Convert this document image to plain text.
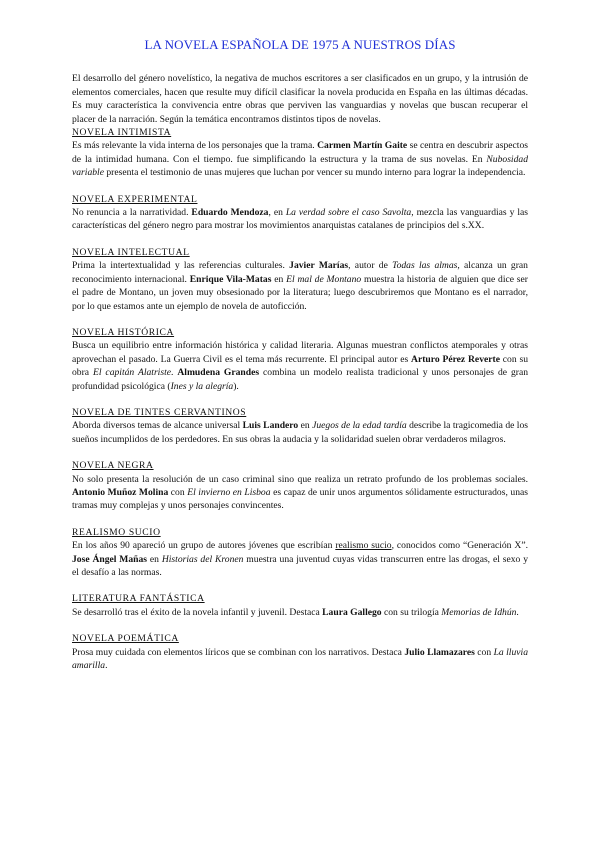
LA NOVELA ESPAÑOLA DE 1975 A NUESTROS DÍAS

El desarrollo del género novelístico, la negativa de muchos escritores a ser clasificados en un grupo, y la intrusión de elementos comerciales, hacen que resulte muy difícil clasificar la novela producida en España en las últimas décadas. Es muy característica la convivencia entre obras que perviven las vanguardias y novelas que buscan recuperar el placer de la narración. Según la temática encontramos distintos tipos de novelas.

NOVELA INTIMISTA

Es más relevante la vida interna de los personajes que la trama. Carmen Martín Gaite se centra en descubrir aspectos de la intimidad humana. Con el tiempo. fue simplificando la estructura y la trama de sus novelas. En Nubosidad variable presenta el testimonio de unas mujeres que luchan por vencer su mundo interno para lograr la independencia.

NOVELA EXPERIMENTAL

No renuncia a la narratividad. Eduardo Mendoza, en La verdad sobre el caso Savolta, mezcla las vanguardias y las características del género negro para mostrar los movimientos anarquistas catalanes de principios del s.XX.

NOVELA INTELECTUAL

Prima la intertextualidad y las referencias culturales. Javier Marías, autor de Todas las almas, alcanza un gran reconocimiento internacional. Enrique Vila-Matas en El mal de Montano muestra la historia de alguien que dice ser el padre de Montano, un joven muy obsesionado por la literatura; luego descubriremos que Montano es el narrador, por lo que estamos ante un ejemplo de novela de autoficción.

NOVELA HISTÓRICA

Busca un equilibrio entre información histórica y calidad literaria. Algunas muestran conflictos atemporales y otras aprovechan el pasado. La Guerra Civil es el tema más recurrente. El principal autor es Arturo Pérez Reverte con su obra El capitán Alatriste. Almudena Grandes combina un modelo realista tradicional y unos personajes de gran profundidad psicológica (Ines y la alegría).

NOVELA DE TINTES CERVANTINOS

Aborda diversos temas de alcance universal Luis Landero en Juegos de la edad tardía describe la tragicomedia de los sueños incumplidos de los perdedores. En sus obras la audacia y la solidaridad suelen obrar verdaderos milagros.

NOVELA NEGRA

No solo presenta la resolución de un caso criminal sino que realiza un retrato profundo de los problemas sociales. Antonio Muñoz Molina con El invierno en Lisboa es capaz de unir unos argumentos sólidamente estructurados, unas tramas muy complejas y unos personajes convincentes.

REALISMO SUCIO

En los años 90 apareció un grupo de autores jóvenes que escribían realismo sucio, conocidos como “Generación X”. Jose Ángel Mañas en Historias del Kronen muestra una juventud cuyas vidas transcurren entre las drogas, el sexo y el desafío a las normas.

LITERATURA FANTÁSTICA

Se desarrolló tras el éxito de la novela infantil y juvenil. Destaca Laura Gallego con su trilogía Memorias de Idhún.

NOVELA POEMÁTICA

Prosa muy cuidada con elementos líricos que se combinan con los narrativos. Destaca Julio Llamazares con La lluvia amarilla.
